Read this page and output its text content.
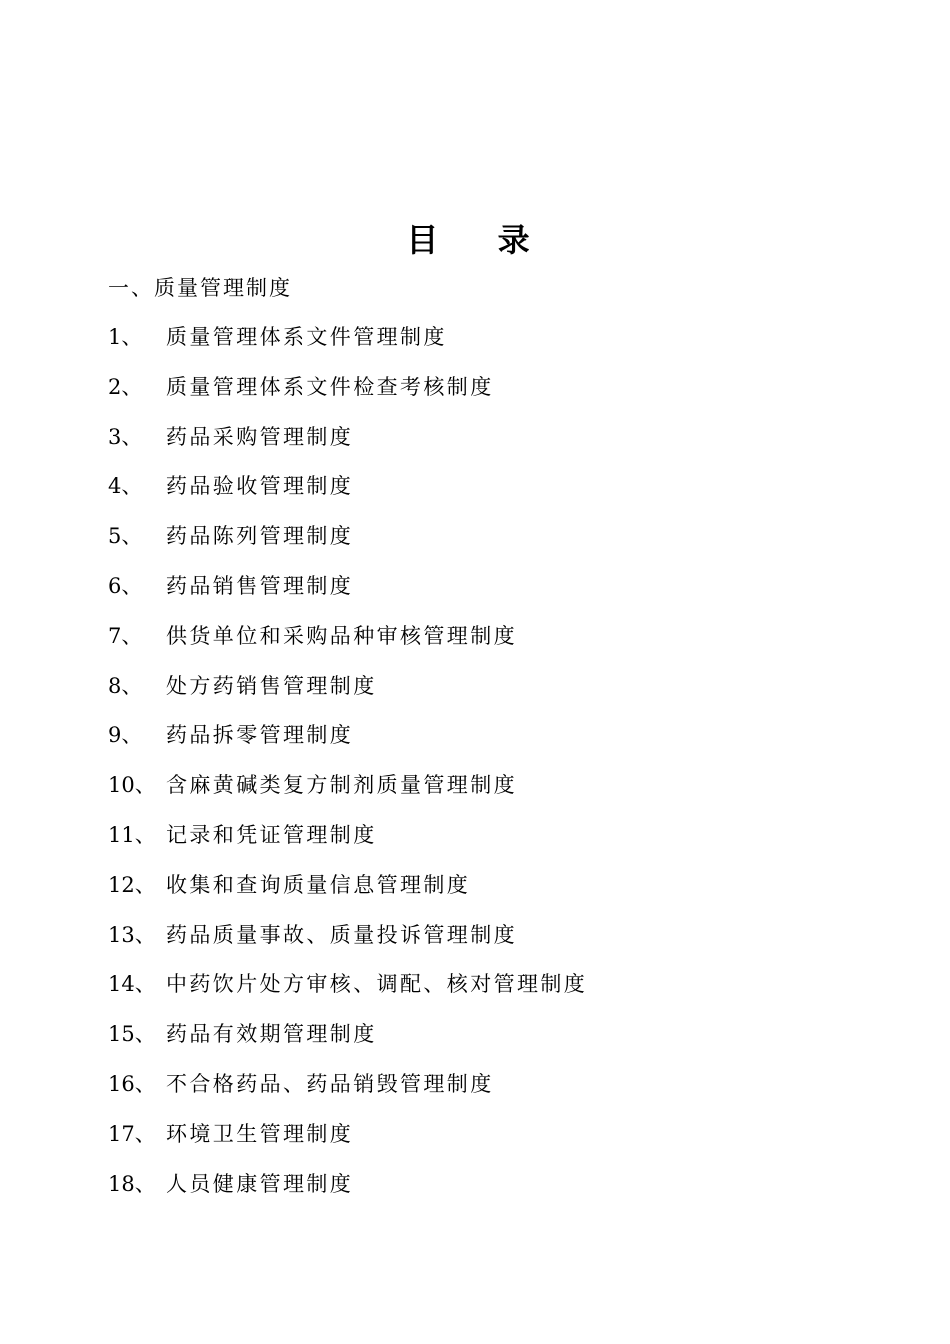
目 录
一、质量管理制度
1、	质量管理体系文件管理制度
2、	质量管理体系文件检查考核制度
3、	药品采购管理制度
4、	药品验收管理制度
5、	药品陈列管理制度
6、	药品销售管理制度
7、	供货单位和采购品种审核管理制度
8、	处方药销售管理制度
9、	药品拆零管理制度
10、 含麻黄碱类复方制剂质量管理制度
11、 记录和凭证管理制度
12、 收集和查询质量信息管理制度
13、 药品质量事故、质量投诉管理制度
14、 中药饮片处方审核、调配、核对管理制度
15、 药品有效期管理制度
16、 不合格药品、药品销毁管理制度
17、 环境卫生管理制度
18、 人员健康管理制度
